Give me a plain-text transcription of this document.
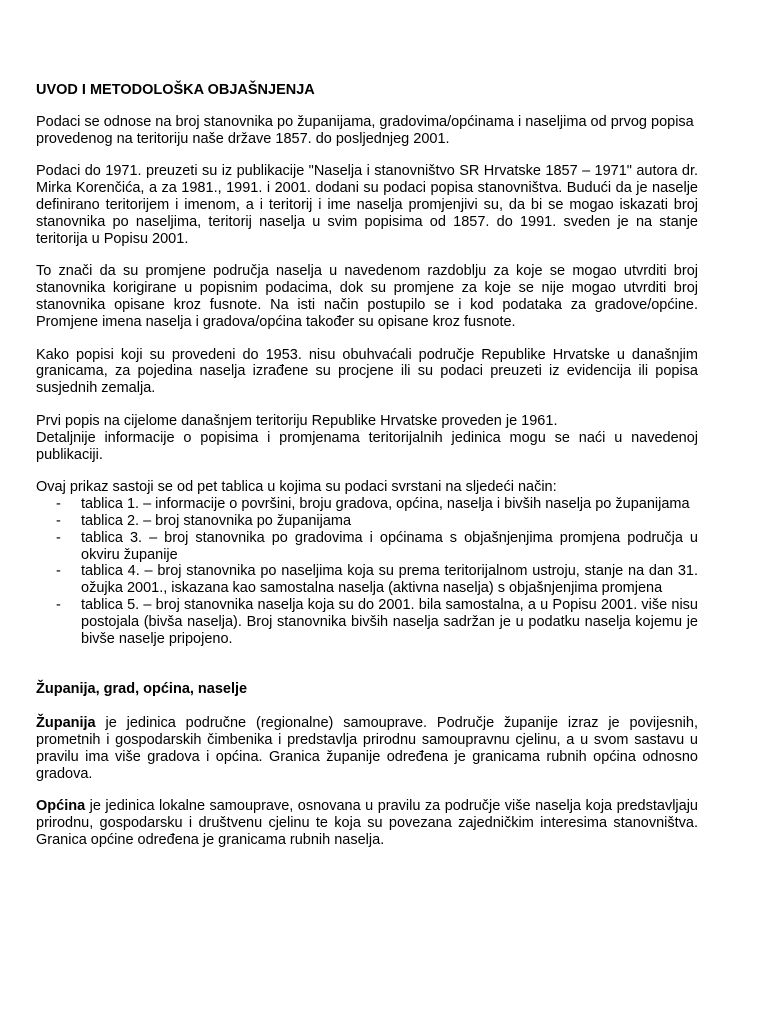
UVOD I METODOLOŠKA OBJAŠNJENJA

Podaci se odnose na broj stanovnika po županijama, gradovima/općinama i naseljima od prvog popisa provedenog na teritoriju naše države 1857. do posljednjeg 2001.

Podaci do 1971. preuzeti su iz publikacije "Naselja i stanovništvo SR Hrvatske 1857 – 1971" autora dr. Mirka Korenčića, a za 1981., 1991. i 2001. dodani su podaci popisa stanovništva. Budući da je naselje definirano teritorijem i imenom, a i teritorij i ime naselja promjenjivi su, da bi se mogao iskazati broj stanovnika po naseljima, teritorij naselja u svim popisima od 1857. do 1991. sveden je na stanje teritorija u Popisu 2001.

To znači da su promjene područja naselja u navedenom razdoblju za koje se mogao utvrditi broj stanovnika korigirane u popisnim podacima, dok su promjene za koje se nije mogao utvrditi broj stanovnika opisane kroz fusnote. Na isti način postupilo se i kod podataka za gradove/općine. Promjene imena naselja i gradova/općina također su opisane kroz fusnote.

Kako popisi koji su provedeni do 1953. nisu obuhvaćali područje Republike Hrvatske u današnjim granicama, za pojedina naselja izrađene su procjene ili su podaci preuzeti iz evidencija ili popisa susjednih zemalja.

Prvi popis na cijelome današnjem teritoriju Republike Hrvatske proveden je 1961.
Detaljnije informacije o popisima i promjenama teritorijalnih jedinica mogu se naći u navedenoj publikaciji.
Ovaj prikaz sastoji se od pet tablica u kojima su podaci svrstani na sljedeći način:
- tablica 1. – informacije o površini, broju gradova, općina, naselja i bivših naselja po županijama
- tablica 2. – broj stanovnika po županijama
- tablica 3. – broj stanovnika po gradovima i općinama s objašnjenjima promjena područja u okviru županije
- tablica 4. – broj stanovnika po naseljima koja su prema teritorijalnom ustroju, stanje na dan 31. ožujka 2001., iskazana kao samostalna naselja (aktivna naselja) s objašnjenjima promjena
- tablica 5. – broj stanovnika naselja koja su do 2001. bila samostalna, a u Popisu 2001. više nisu postojala (bivša naselja). Broj stanovnika bivših naselja sadržan je u podatku naselja kojemu je bivše naselje pripojeno.
Županija, grad, općina, naselje

Županija je jedinica područne (regionalne) samouprave. Područje županije izraz je povijesnih, prometnih i gospodarskih čimbenika i predstavlja prirodnu samoupravnu cjelinu, a u svom sastavu u pravilu ima više gradova i općina. Granica županije određena je granicama rubnih općina odnosno gradova.

Općina je jedinica lokalne samouprave, osnovana u pravilu za područje više naselja koja predstavljaju prirodnu, gospodarsku i društvenu cjelinu te koja su povezana zajedničkim interesima stanovništva. Granica općine određena je granicama rubnih naselja.
